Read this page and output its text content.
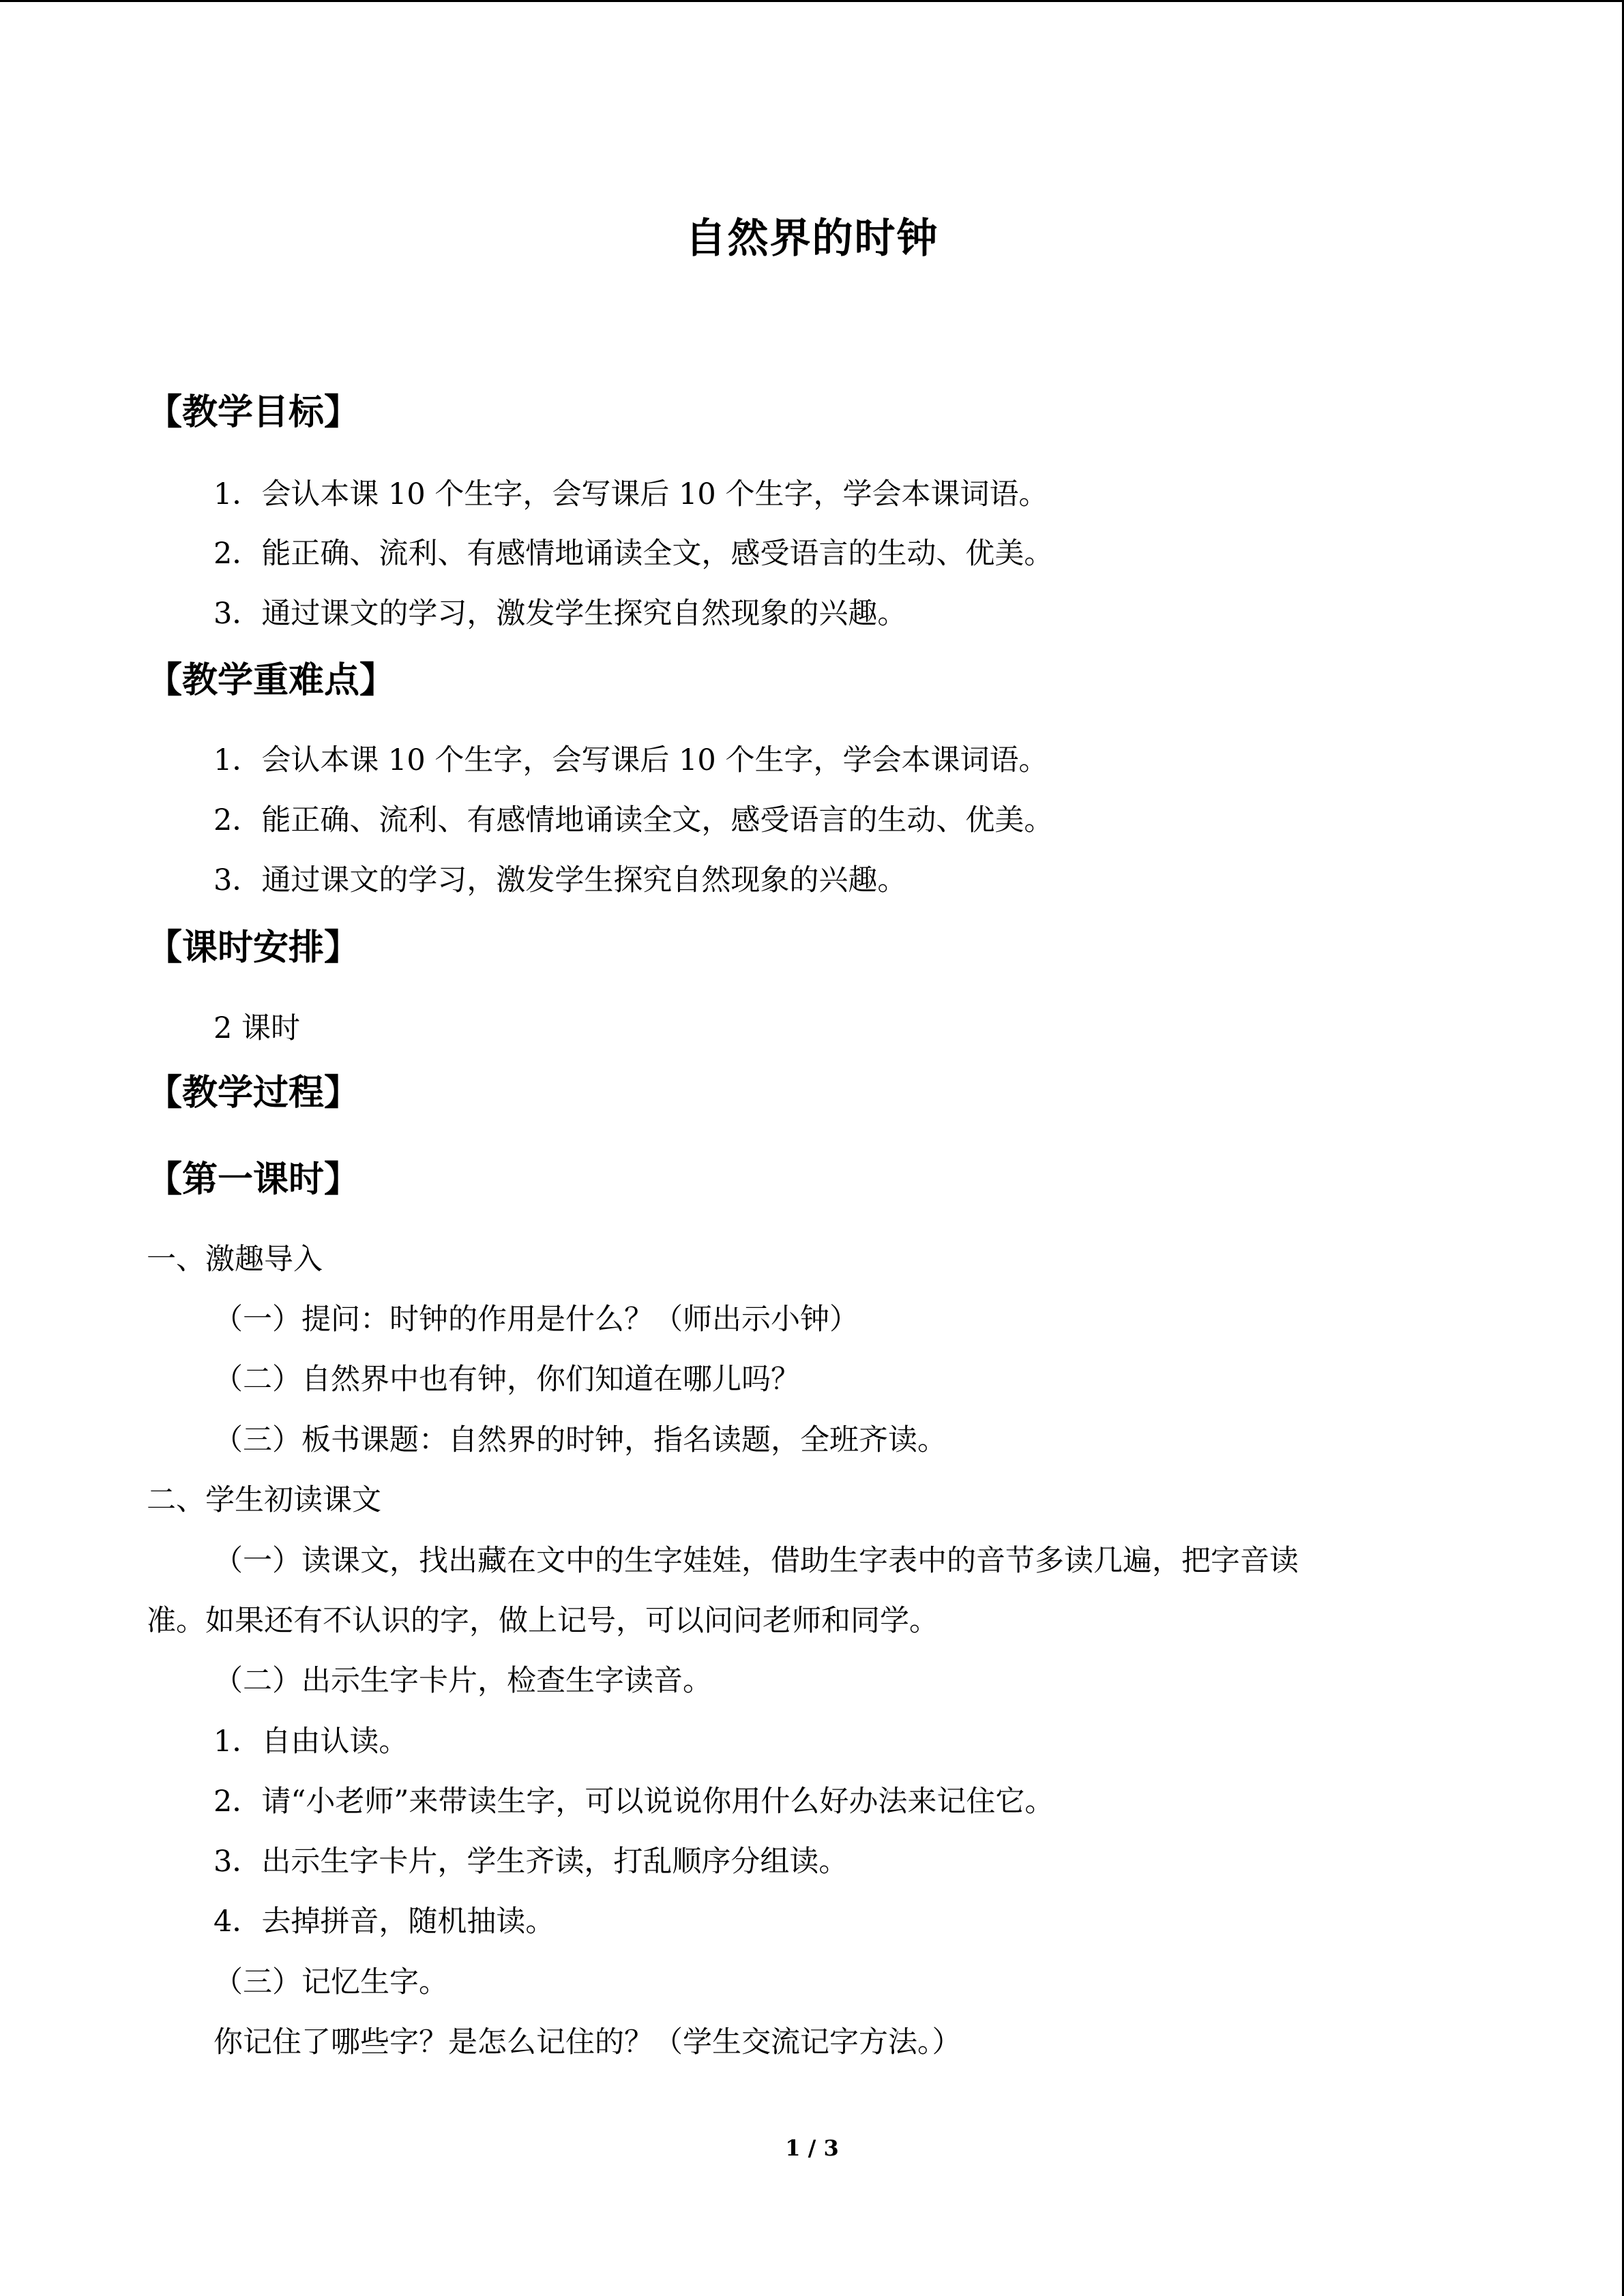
自然界的时钟
【教学目标】
1．会认本课 10 个生字，会写课后 10 个生字，学会本课词语。
2．能正确、流利、有感情地诵读全文，感受语言的生动、优美。
3．通过课文的学习，激发学生探究自然现象的兴趣。
【教学重难点】
1．会认本课 10 个生字，会写课后 10 个生字，学会本课词语。
2．能正确、流利、有感情地诵读全文，感受语言的生动、优美。
3．通过课文的学习，激发学生探究自然现象的兴趣。
【课时安排】
2 课时
【教学过程】
【第一课时】
一、激趣导入
（一）提问：时钟的作用是什么？（师出示小钟）
（二）自然界中也有钟，你们知道在哪儿吗？
（三）板书课题：自然界的时钟，指名读题，全班齐读。
二、学生初读课文
（一）读课文，找出藏在文中的生字娃娃，借助生字表中的音节多读几遍，把字音读
准。如果还有不认识的字，做上记号，可以问问老师和同学。
（二）出示生字卡片，检查生字读音。
1．自由认读。
2．请“小老师”来带读生字，可以说说你用什么好办法来记住它。
3．出示生字卡片，学生齐读，打乱顺序分组读。
4．去掉拼音，随机抽读。
（三）记忆生字。
你记住了哪些字？是怎么记住的？（学生交流记字方法。）
1 / 3
